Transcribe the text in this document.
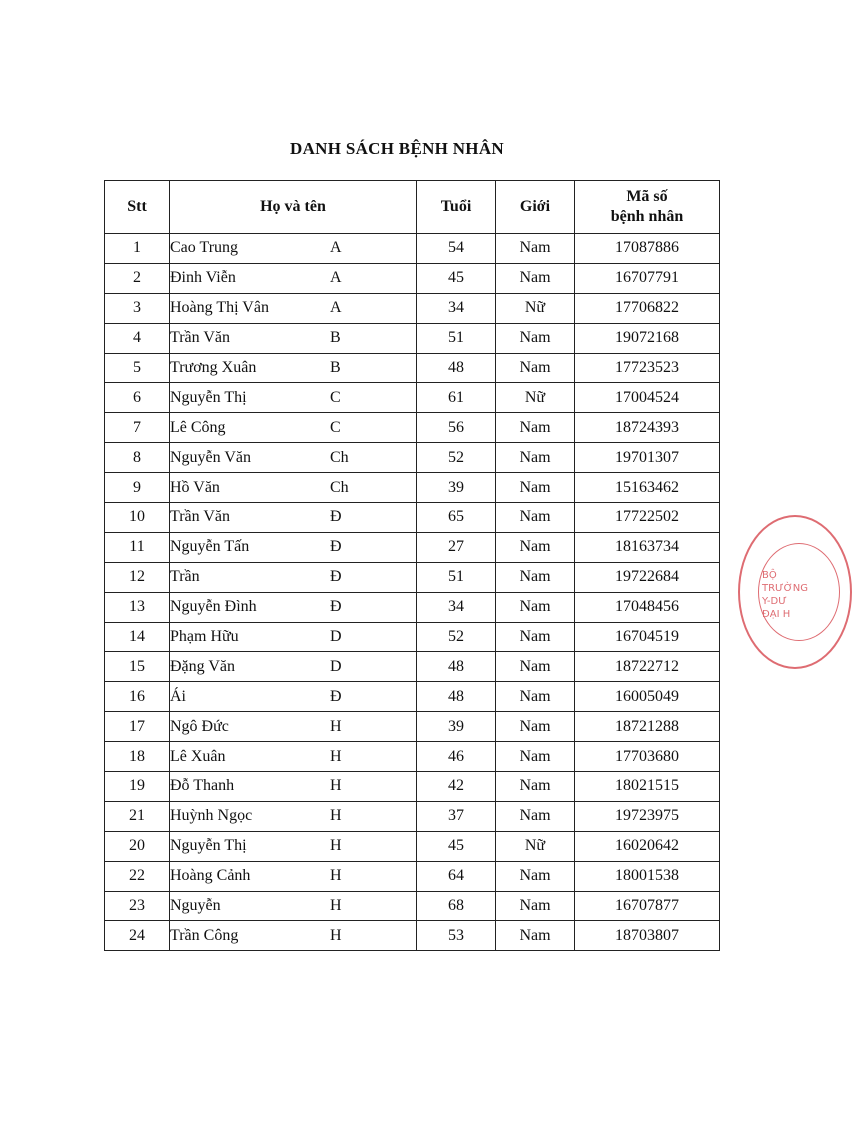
DANH SÁCH BỆNH NHÂN
Stt	Họ và tên	Tuổi	Giới	Mã số
bệnh nhân
1	Cao Trung A	54	Nam	17087886
2	Đinh Viễn A	45	Nam	16707791
3	Hoàng Thị Vân A	34	Nữ	17706822
4	Trần Văn B	51	Nam	19072168
5	Trương Xuân B	48	Nam	17723523
6	Nguyễn Thị C	61	Nữ	17004524
7	Lê Công C	56	Nam	18724393
8	Nguyễn Văn Ch	52	Nam	19701307
9	Hồ Văn Ch	39	Nam	15163462
10	Trần Văn Đ	65	Nam	17722502
11	Nguyễn Tấn Đ	27	Nam	18163734
12	Trần Đ	51	Nam	19722684
13	Nguyễn Đình Đ	34	Nam	17048456
14	Phạm Hữu D	52	Nam	16704519
15	Đặng Văn D	48	Nam	18722712
16	Ái Đ	48	Nam	16005049
17	Ngô Đức H	39	Nam	18721288
18	Lê Xuân H	46	Nam	17703680
19	Đỗ Thanh H	42	Nam	18021515
21	Huỳnh Ngọc H	37	Nam	19723975
20	Nguyễn Thị H	45	Nữ	16020642
22	Hoàng Cảnh H	64	Nam	18001538
23	Nguyễn H	68	Nam	16707877
24	Trần Công H	53	Nam	18703807
BỘ
TRƯỜNG
Y-DƯ
ĐẠI H
